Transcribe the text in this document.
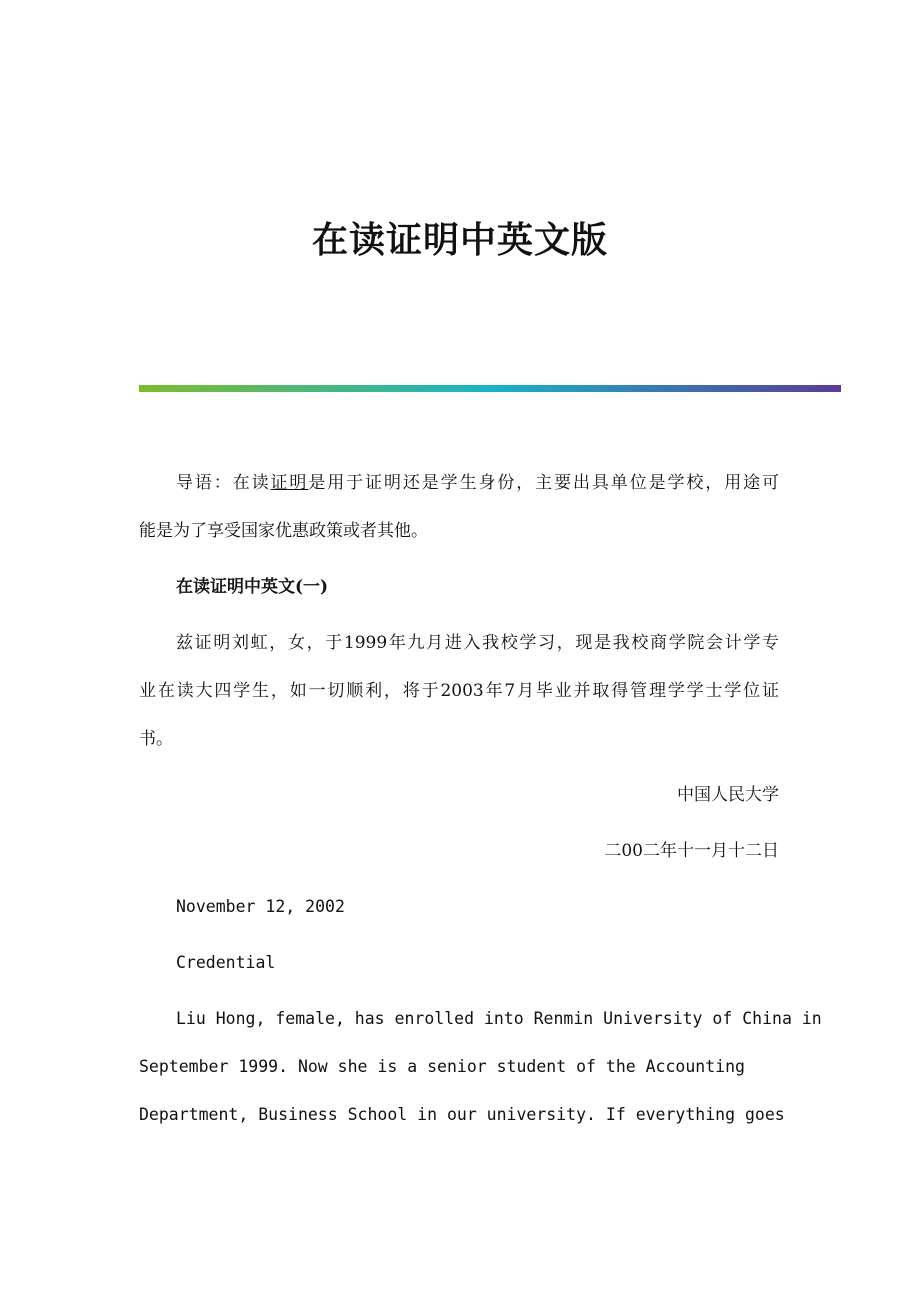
在读证明中英文版
导语：在读证明是用于证明还是学生身份，主要出具单位是学校，用途可
能是为了享受国家优惠政策或者其他。
在读证明中英文(一)
兹证明刘虹，女，于1999年九月进入我校学习，现是我校商学院会计学专
业在读大四学生，如一切顺利，将于2003年7月毕业并取得管理学学士学位证
书。
中国人民大学
二00二年十一月十二日
November 12, 2002
Credential
Liu Hong, female, has enrolled into Renmin University of China in
September 1999. Now she is a senior student of the Accounting
Department, Business School in our university. If everything goes
